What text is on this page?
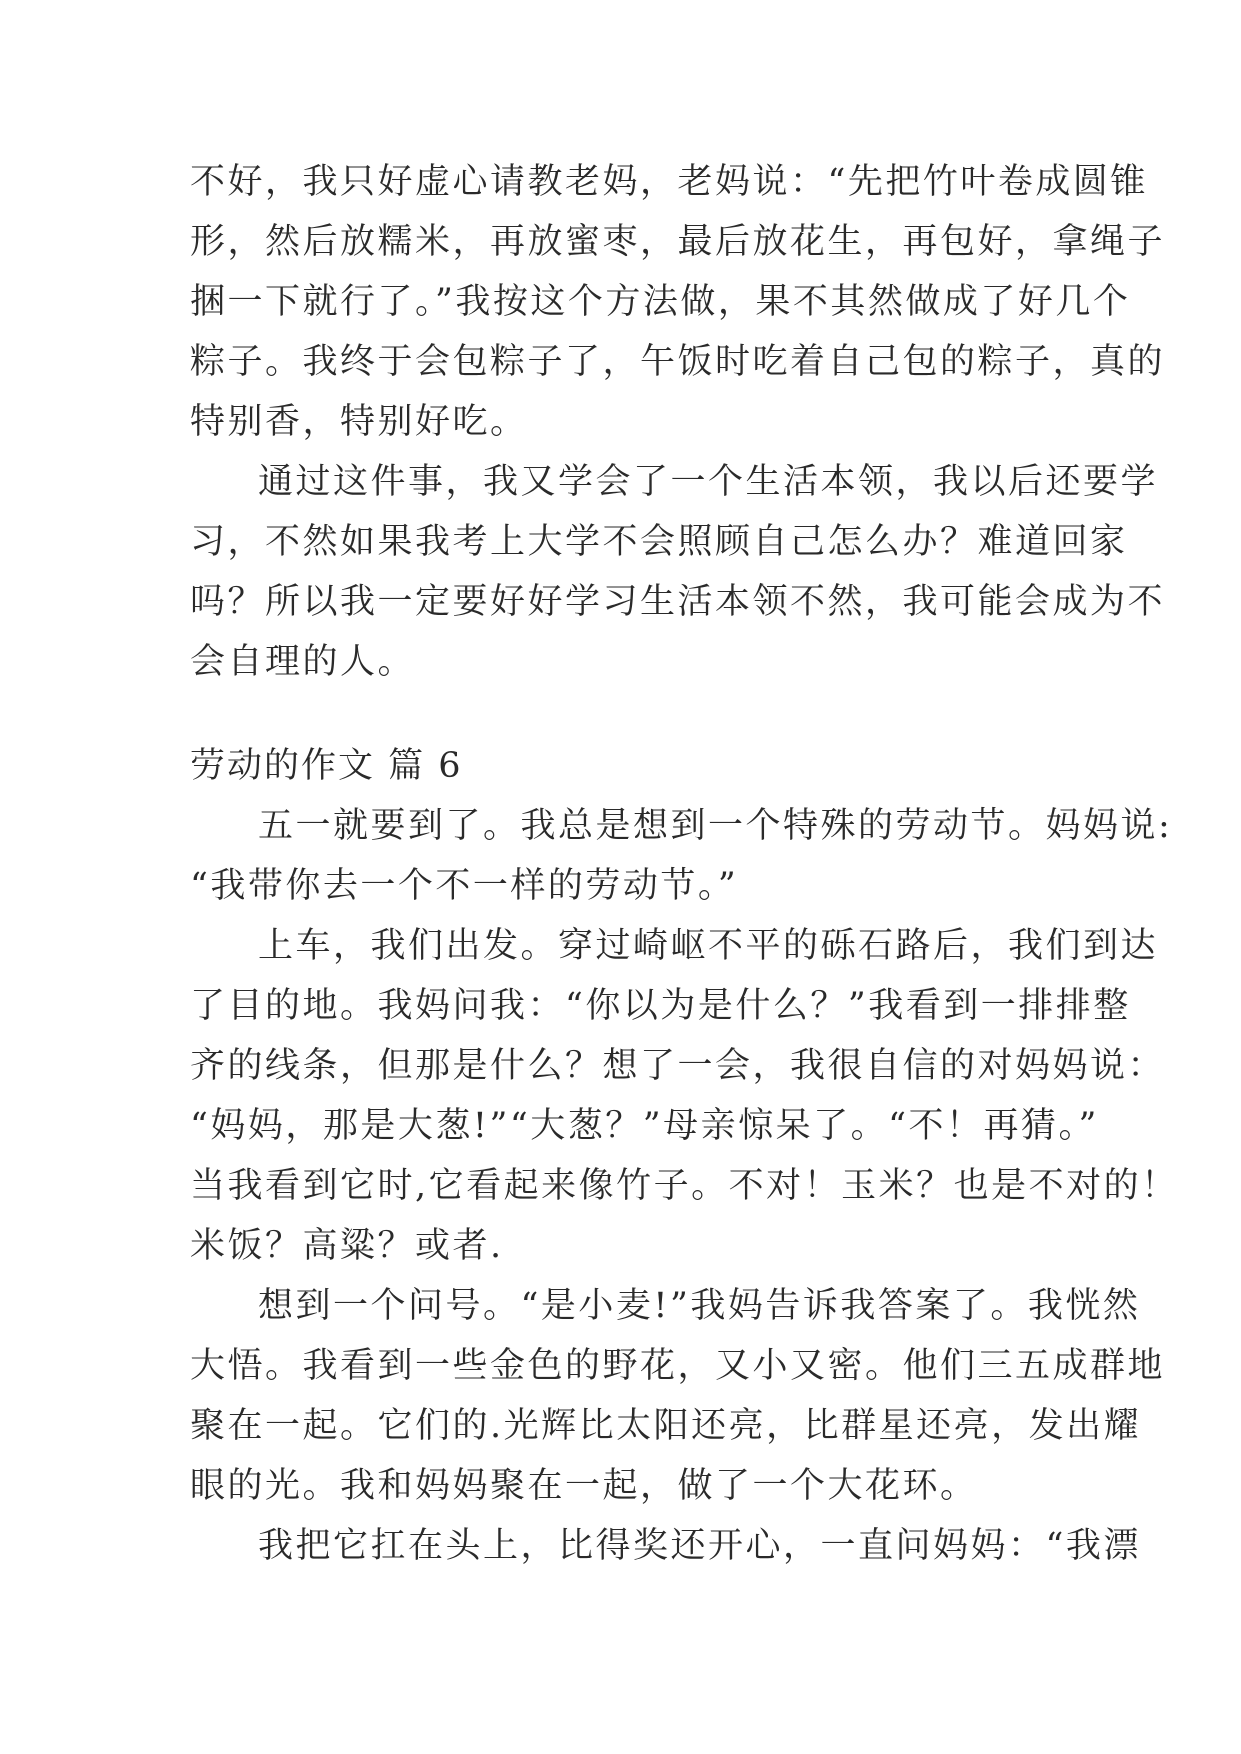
不好，我只好虚心请教老妈，老妈说：“先把竹叶卷成圆锥
形，然后放糯米，再放蜜枣，最后放花生，再包好，拿绳子
捆一下就行了。”我按这个方法做，果不其然做成了好几个
粽子。我终于会包粽子了，午饭时吃着自己包的粽子，真的
特别香，特别好吃。
通过这件事，我又学会了一个生活本领，我以后还要学
习，不然如果我考上大学不会照顾自己怎么办？难道回家
吗？所以我一定要好好学习生活本领不然，我可能会成为不
会自理的人。
劳动的作文 篇 6
五一就要到了。我总是想到一个特殊的劳动节。妈妈说:
“我带你去一个不一样的劳动节。”
上车，我们出发。穿过崎岖不平的砾石路后，我们到达
了目的地。我妈问我：“你以为是什么？”我看到一排排整
齐的线条，但那是什么？想了一会，我很自信的对妈妈说：
“妈妈，那是大葱!”“大葱？”母亲惊呆了。“不！再猜。”
当我看到它时,它看起来像竹子。不对！玉米？也是不对的！
米饭？高粱？或者.
想到一个问号。“是小麦!”我妈告诉我答案了。我恍然
大悟。我看到一些金色的野花，又小又密。他们三五成群地
聚在一起。它们的.光辉比太阳还亮，比群星还亮，发出耀
眼的光。我和妈妈聚在一起，做了一个大花环。
我把它扛在头上，比得奖还开心，一直问妈妈：“我漂
